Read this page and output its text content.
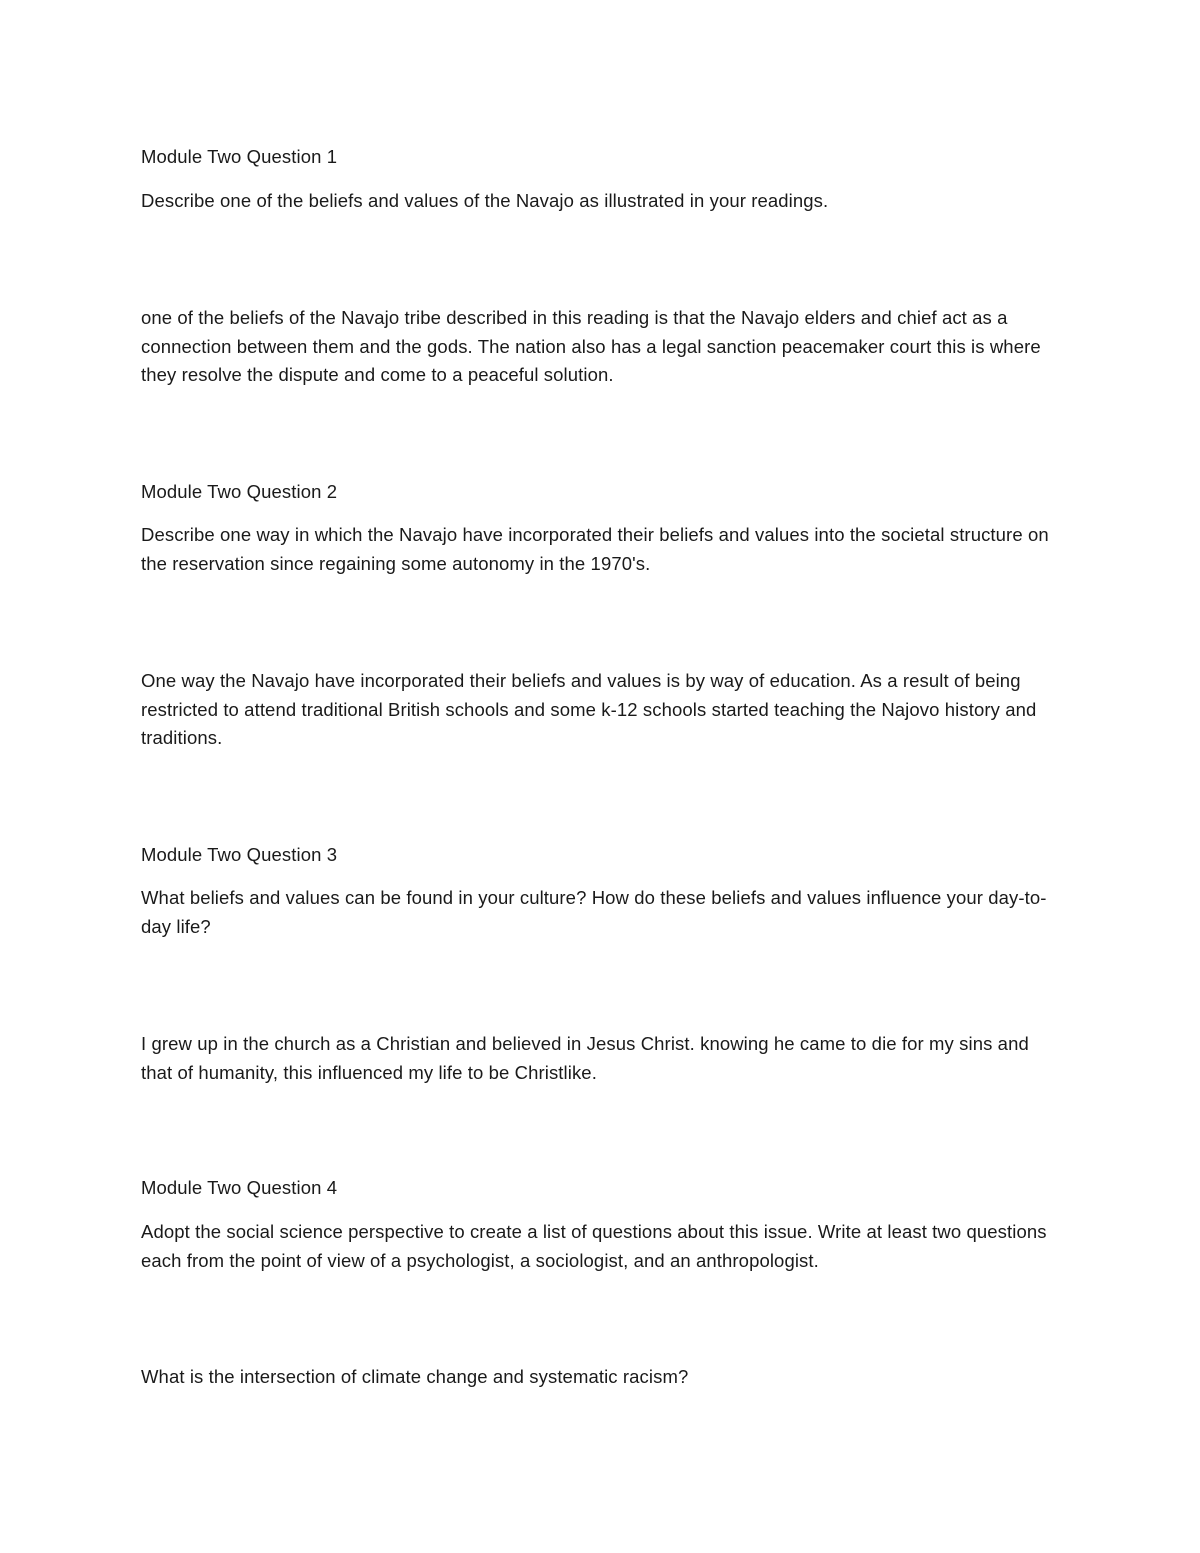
Module Two Question 1

Describe one of the beliefs and values of the Navajo as illustrated in your readings.

one of the beliefs of the Navajo tribe described in this reading is that the Navajo elders and chief act as a connection between them and the gods. The nation also has a legal sanction peacemaker court this is where they resolve the dispute and come to a peaceful solution.

Module Two Question 2

Describe one way in which the Navajo have incorporated their beliefs and values into the societal structure on the reservation since regaining some autonomy in the 1970's.

One way the Navajo have incorporated their beliefs and values is by way of education. As a result of being restricted to attend traditional British schools and some k-12 schools started teaching the Najovo history and traditions.

Module Two Question 3

What beliefs and values can be found in your culture? How do these beliefs and values influence your day-to-day life?

I grew up in the church as a Christian and believed in Jesus Christ. knowing he came to die for my sins and that of humanity, this influenced my life to be Christlike.

Module Two Question 4

Adopt the social science perspective to create a list of questions about this issue. Write at least two questions each from the point of view of a psychologist, a sociologist, and an anthropologist.

What is the intersection of climate change and systematic racism?
